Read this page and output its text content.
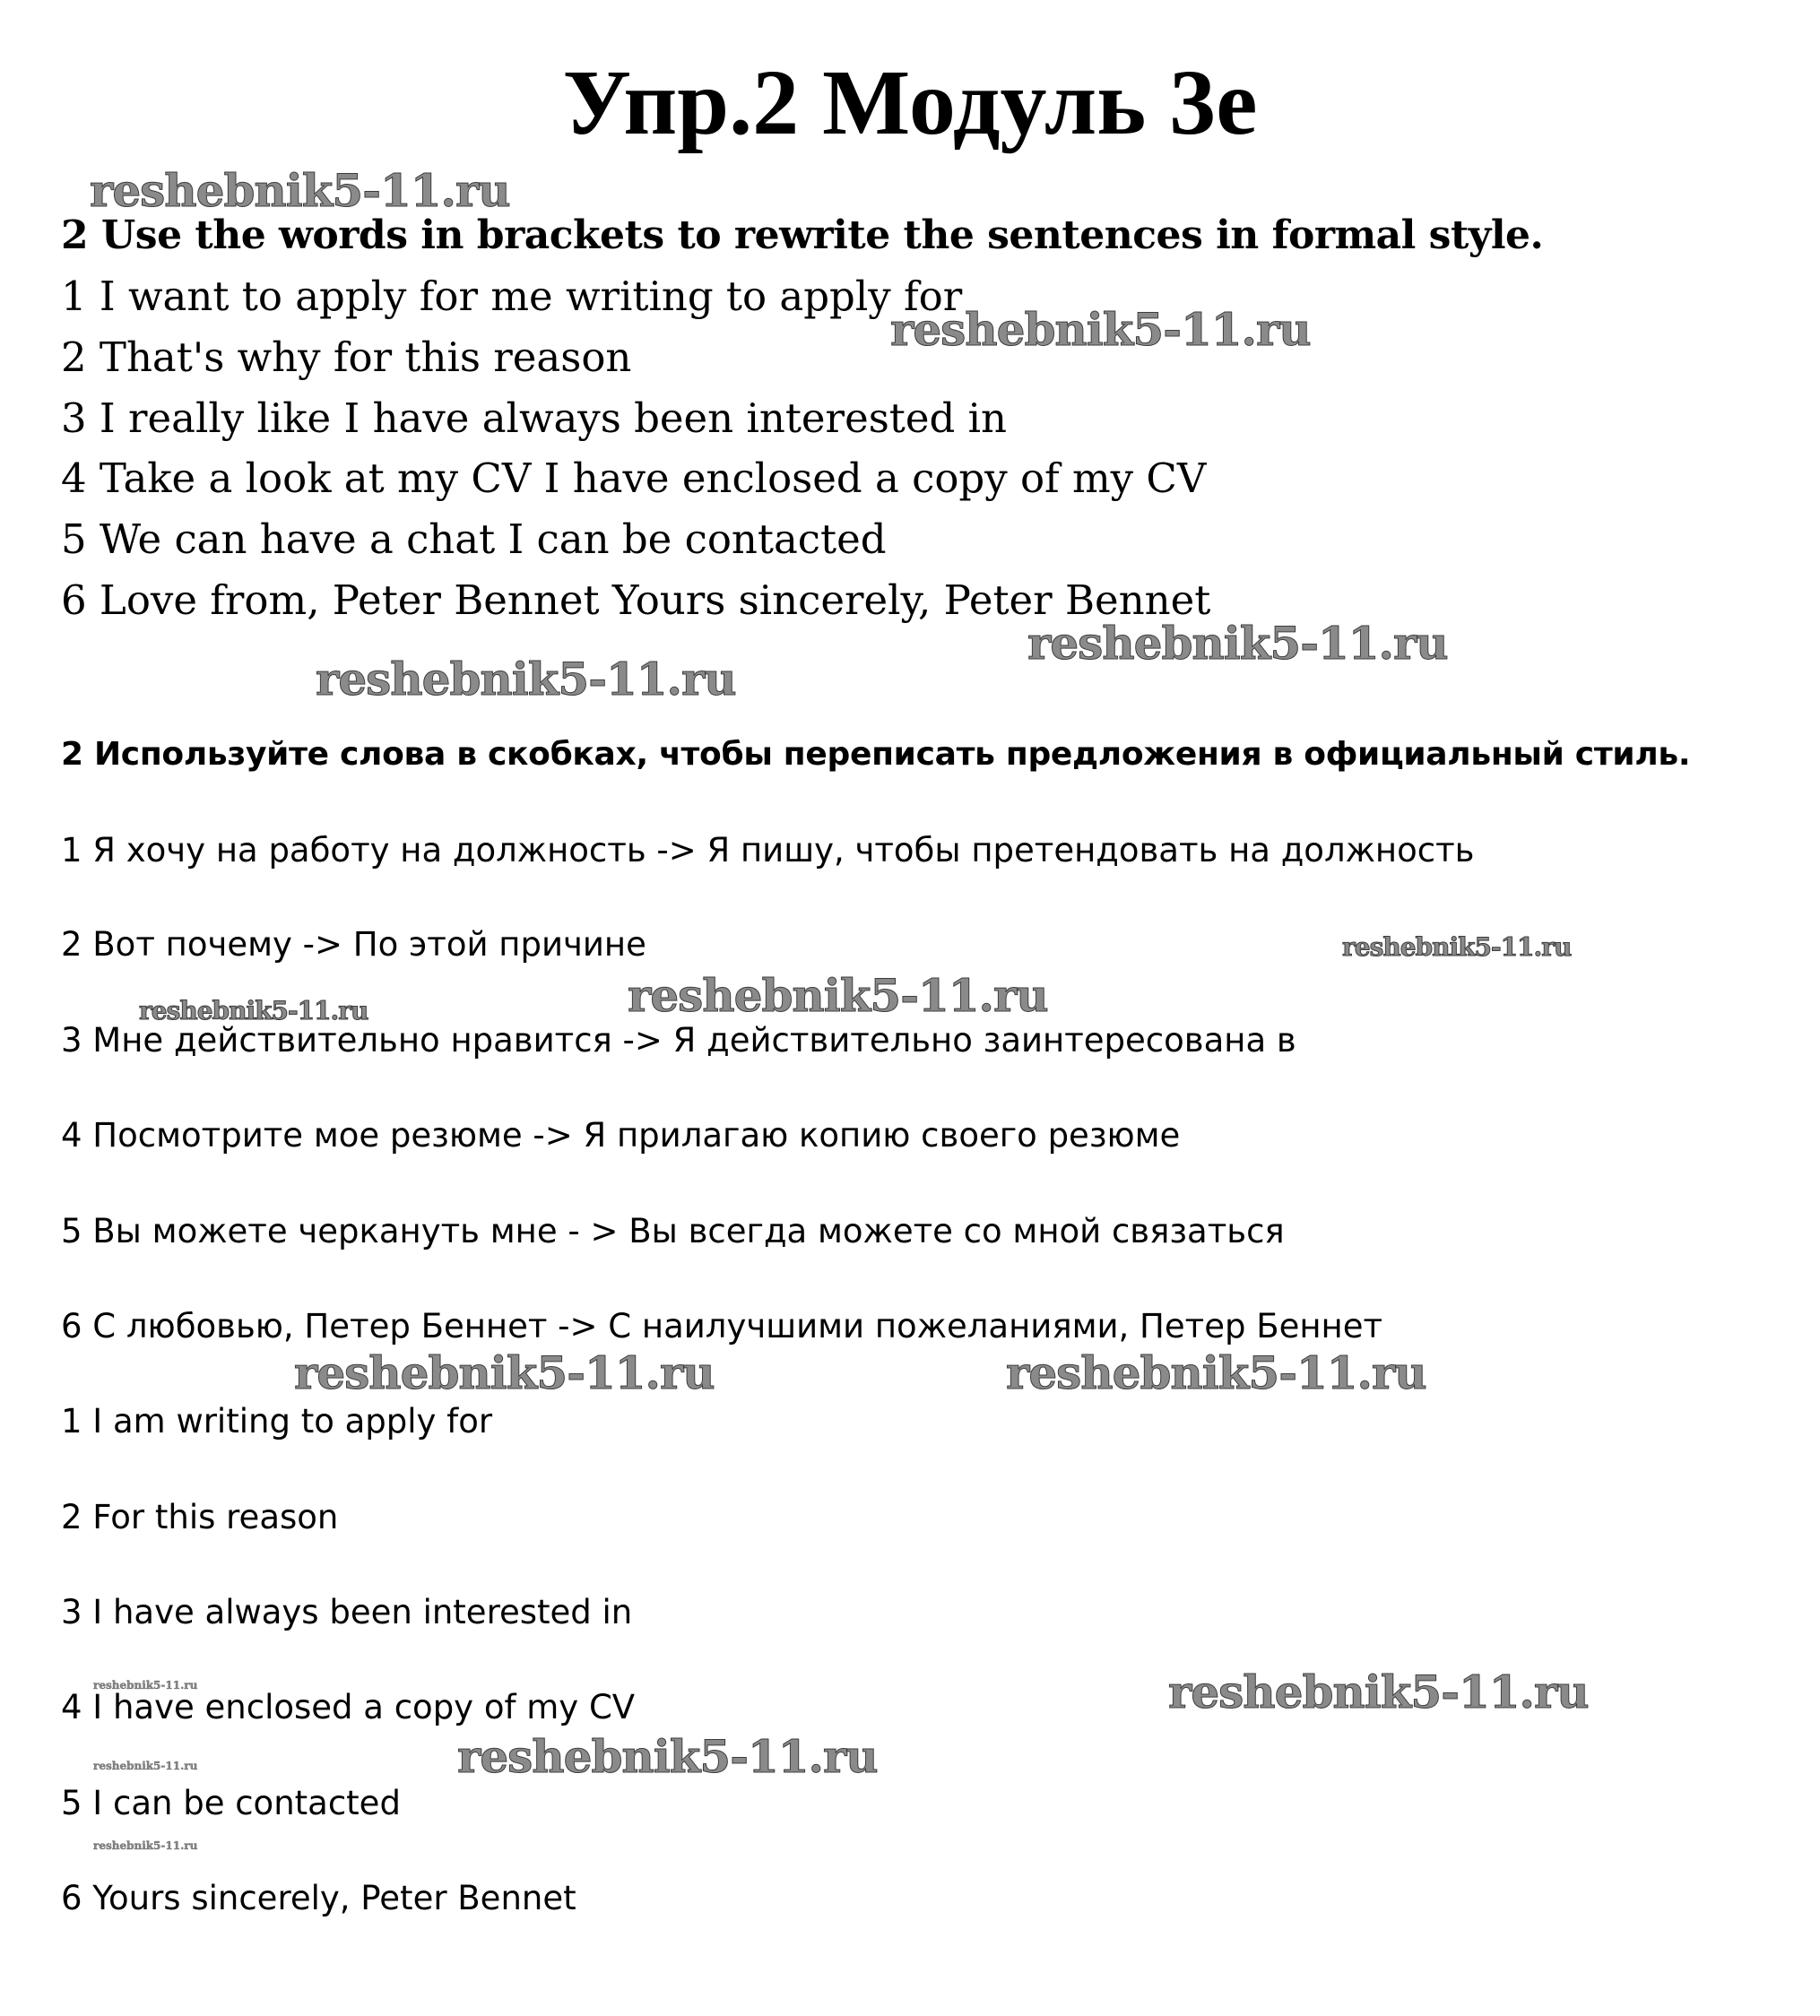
Упр.2 Модуль 3е
reshebnik5-11.ru
2 Use the words in brackets to rewrite the sentences in formal style.

1 I want to apply for me writing to apply for

2 That's why for this reason

3 I really like I have always been interested in

4 Take a look at my CV I have enclosed a copy of my CV

5 We can have a chat I can be contacted

6 Love from, Peter Bennet Yours sincerely, Peter Bennet

reshebnik5-11.ru
reshebnik5-11.ru
reshebnik5-11.ru
2 Используйте слова в скобках, чтобы переписать предложения в официальный стиль.

1 Я хочу на работу на должность -> Я пишу, чтобы претендовать на должность

2 Вот почему -> По этой причине

3 Мне действительно нравится -> Я действительно заинтересована в

4 Посмотрите мое резюме -> Я прилагаю копию своего резюме

5 Вы можете черкануть мне - > Вы всегда можете со мной связаться

6 С любовью, Петер Беннет -> С наилучшими пожеланиями, Петер Беннет

reshebnik5-11.ru
reshebnik5-11.ru	reshebnik5-11.ru
reshebnik5-11.ru	reshebnik5-11.ru

1 I am writing to apply for

2 For this reason

3 I have always been interested in

4 I have enclosed a copy of my CV

5 I can be contacted

6 Yours sincerely, Peter Bennet

reshebnik5-11.ru
reshebnik5-11.ru
reshebnik5-11.ru
reshebnik5-11.ru
reshebnik5-11.ru
